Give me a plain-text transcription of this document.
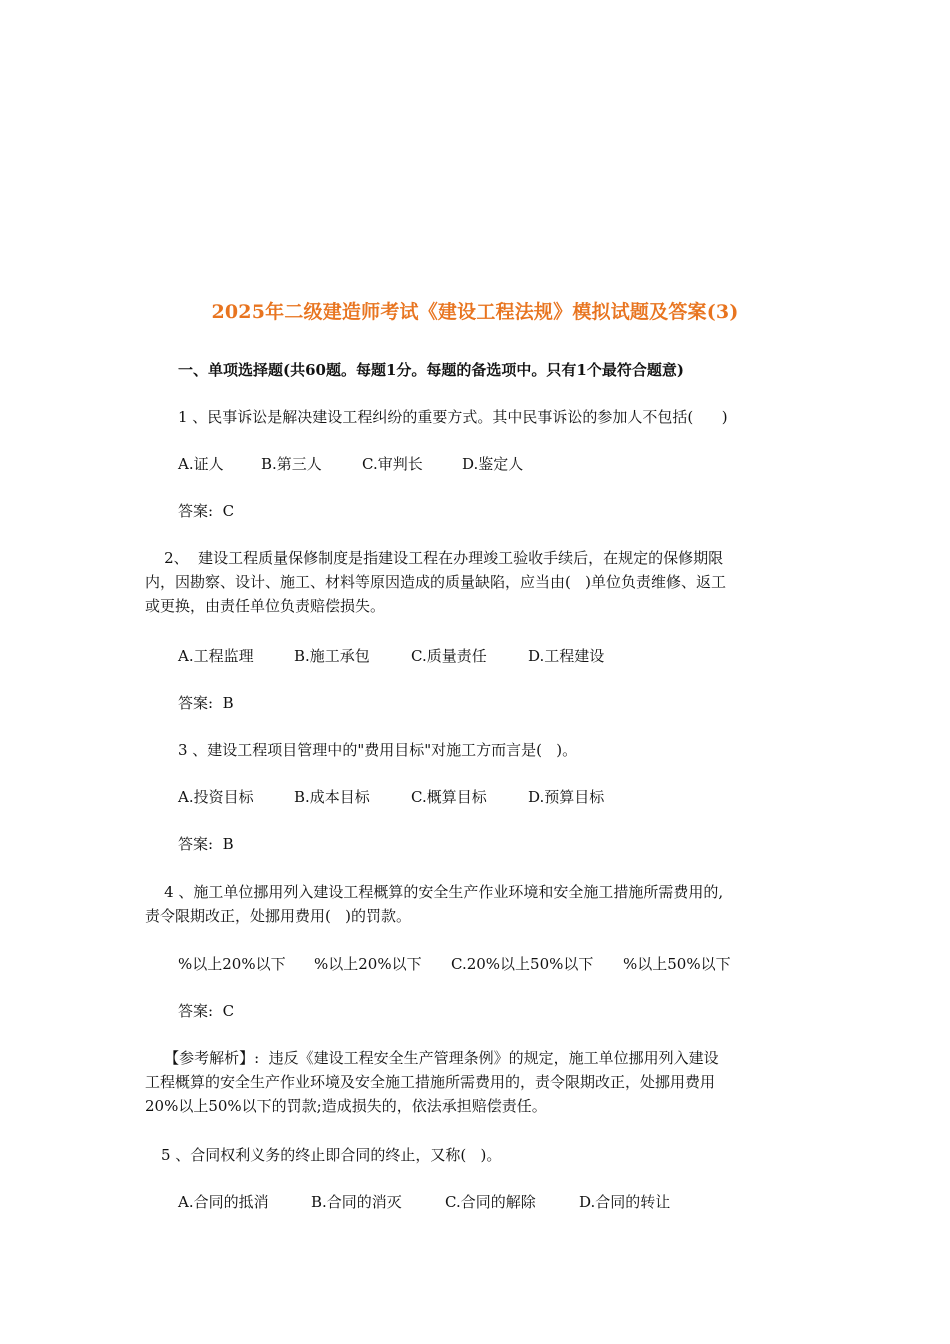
2025年二级建造师考试《建设工程法规》模拟试题及答案(3)
一、单项选择题(共60题。每题1分。每题的备选项中。只有1个最符合题意)
1 、民事诉讼是解决建设工程纠纷的重要方式。其中民事诉讼的参加人不包括(      )
A.证人 B.第三人	C.审判长	D.鉴定人
答案:  C
2、  建设工程质量保修制度是指建设工程在办理竣工验收手续后，在规定的保修期限
内，因勘察、设计、施工、材料等原因造成的质量缺陷，应当由(   )单位负责维修、返工
或更换，由责任单位负责赔偿损失。
A.工程监理	B.施工承包	C.质量责任	D.工程建设
答案:  B
3 、建设工程项目管理中的"费用目标"对施工方而言是(   )。
A.投资目标	B.成本目标	C.概算目标	D.预算目标
答案:  B
4 、施工单位挪用列入建设工程概算的安全生产作业环境和安全施工措施所需费用的,
责令限期改正，处挪用费用(   )的罚款。
%以上20%以下 %以上20%以下 C.20%以上50%以下 %以上50%以下
答案:  C
【参考解析】:  违反《建设工程安全生产管理条例》的规定，施工单位挪用列入建设
工程概算的安全生产作业环境及安全施工措施所需费用的，责令限期改正，处挪用费用
20%以上50%以下的罚款;造成损失的，依法承担赔偿责任。
5 、合同权利义务的终止即合同的终止，又称(   )。
A.合同的抵消	B.合同的消灭	C.合同的解除	D.合同的转让
